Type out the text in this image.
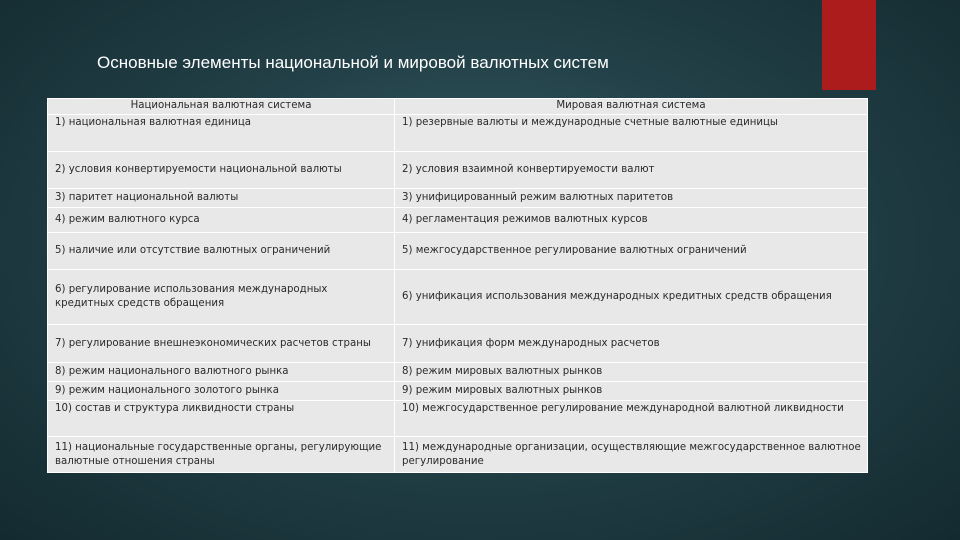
Основные элементы национальной и мировой валютных систем
Национальная валютная система	Мировая валютная система
1) национальная валютная единица	1) резервные валюты и международные счетные валютные единицы
2) условия конвертируемости национальной валюты	2) условия взаимной конвертируемости валют
3) паритет национальной валюты	3) унифицированный режим валютных паритетов
4) режим валютного курса	4) регламентация режимов валютных курсов
5) наличие или отсутствие валютных ограничений	5) межгосударственное регулирование валютных ограничений
6) регулирование использования международных кредитных средств обращения	6) унификация использования международных кредитных средств обращения
7) регулирование внешнеэкономических расчетов страны	7) унификация форм международных расчетов
8) режим национального валютного рынка	8) режим мировых валютных рынков
9) режим национального золотого рынка	9) режим мировых валютных рынков
10) состав и структура ликвидности страны	10) межгосударственное регулирование международной валютной ликвидности
11) национальные государственные органы, регулирующие валютные отношения страны	11) международные организации, осуществляющие межгосударственное валютное регулирование
